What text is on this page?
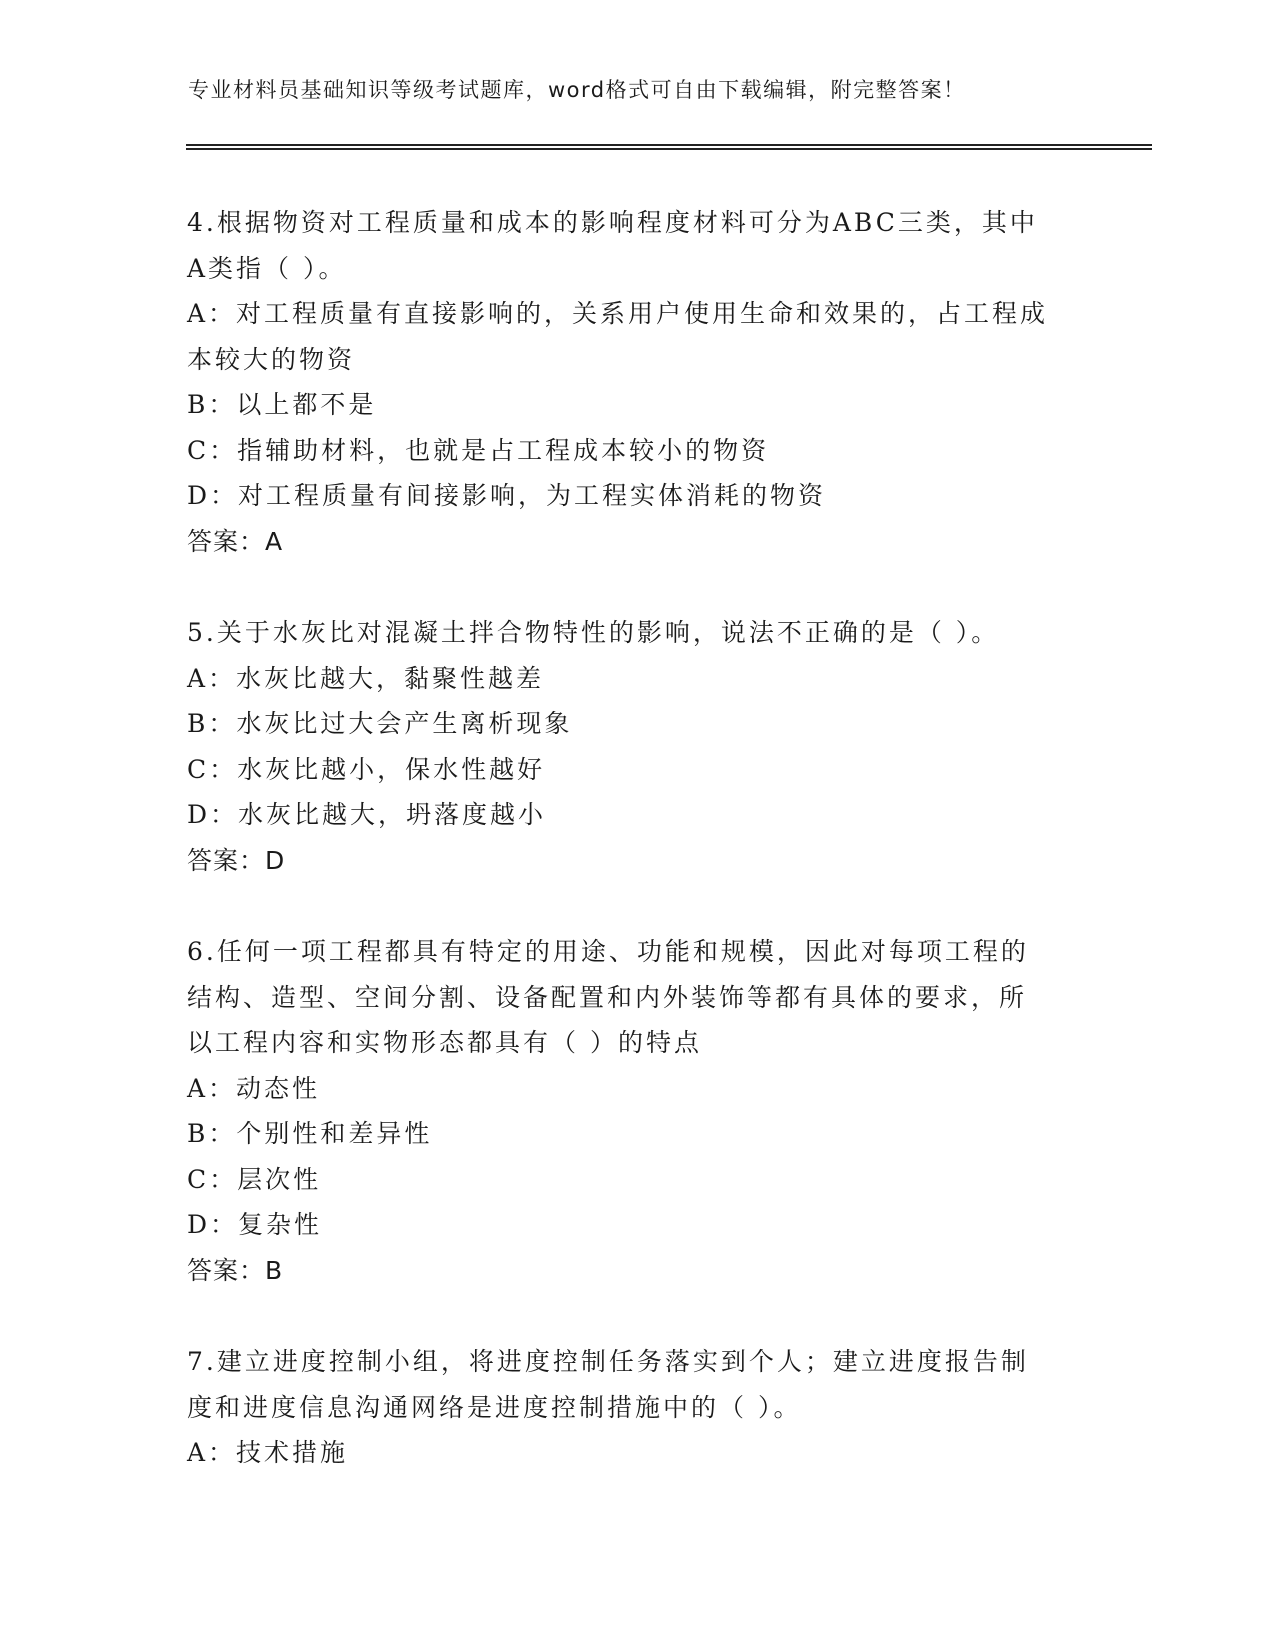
专业材料员基础知识等级考试题库，word格式可自由下载编辑，附完整答案！
4.根据物资对工程质量和成本的影响程度材料可分为ABC三类，其中
A类指（ ）。
A：对工程质量有直接影响的，关系用户使用生命和效果的，占工程成
本较大的物资
B：以上都不是
C：指辅助材料，也就是占工程成本较小的物资
D：对工程质量有间接影响，为工程实体消耗的物资
答案：A
5.关于水灰比对混凝土拌合物特性的影响，说法不正确的是（ ）。
A：水灰比越大，黏聚性越差
B：水灰比过大会产生离析现象
C：水灰比越小，保水性越好
D：水灰比越大，坍落度越小
答案：D
6.任何一项工程都具有特定的用途、功能和规模，因此对每项工程的
结构、造型、空间分割、设备配置和内外装饰等都有具体的要求，所
以工程内容和实物形态都具有（ ）的特点
A：动态性
B：个别性和差异性
C：层次性
D：复杂性
答案：B
7.建立进度控制小组，将进度控制任务落实到个人；建立进度报告制
度和进度信息沟通网络是进度控制措施中的（ ）。
A：技术措施
